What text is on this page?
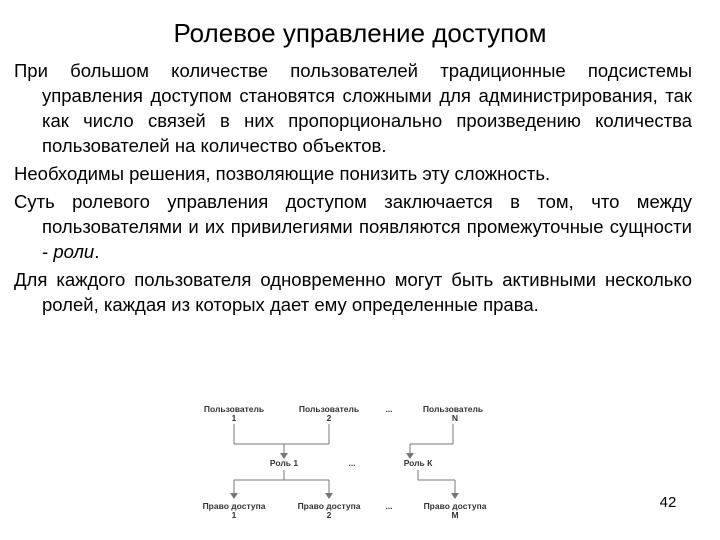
Ролевое управление доступом

При большом количестве пользователей традиционные подсистемы управления доступом становятся сложными для администрирования, так как число связей в них пропорционально произведению количества пользователей на количество объектов.

Необходимы решения, позволяющие понизить эту сложность.

Суть ролевого управления доступом заключается в том, что между пользователями и их привилегиями появляются промежуточные сущности - роли.

Для каждого пользователя одновременно могут быть активными несколько ролей, каждая из которых дает ему определенные права.

Пользователь
1
Пользователь
2
...	Пользователь
N
Роль 1	...	Роль К
Право доступа
1
Право доступа
2
...	Право доступа
M
42
